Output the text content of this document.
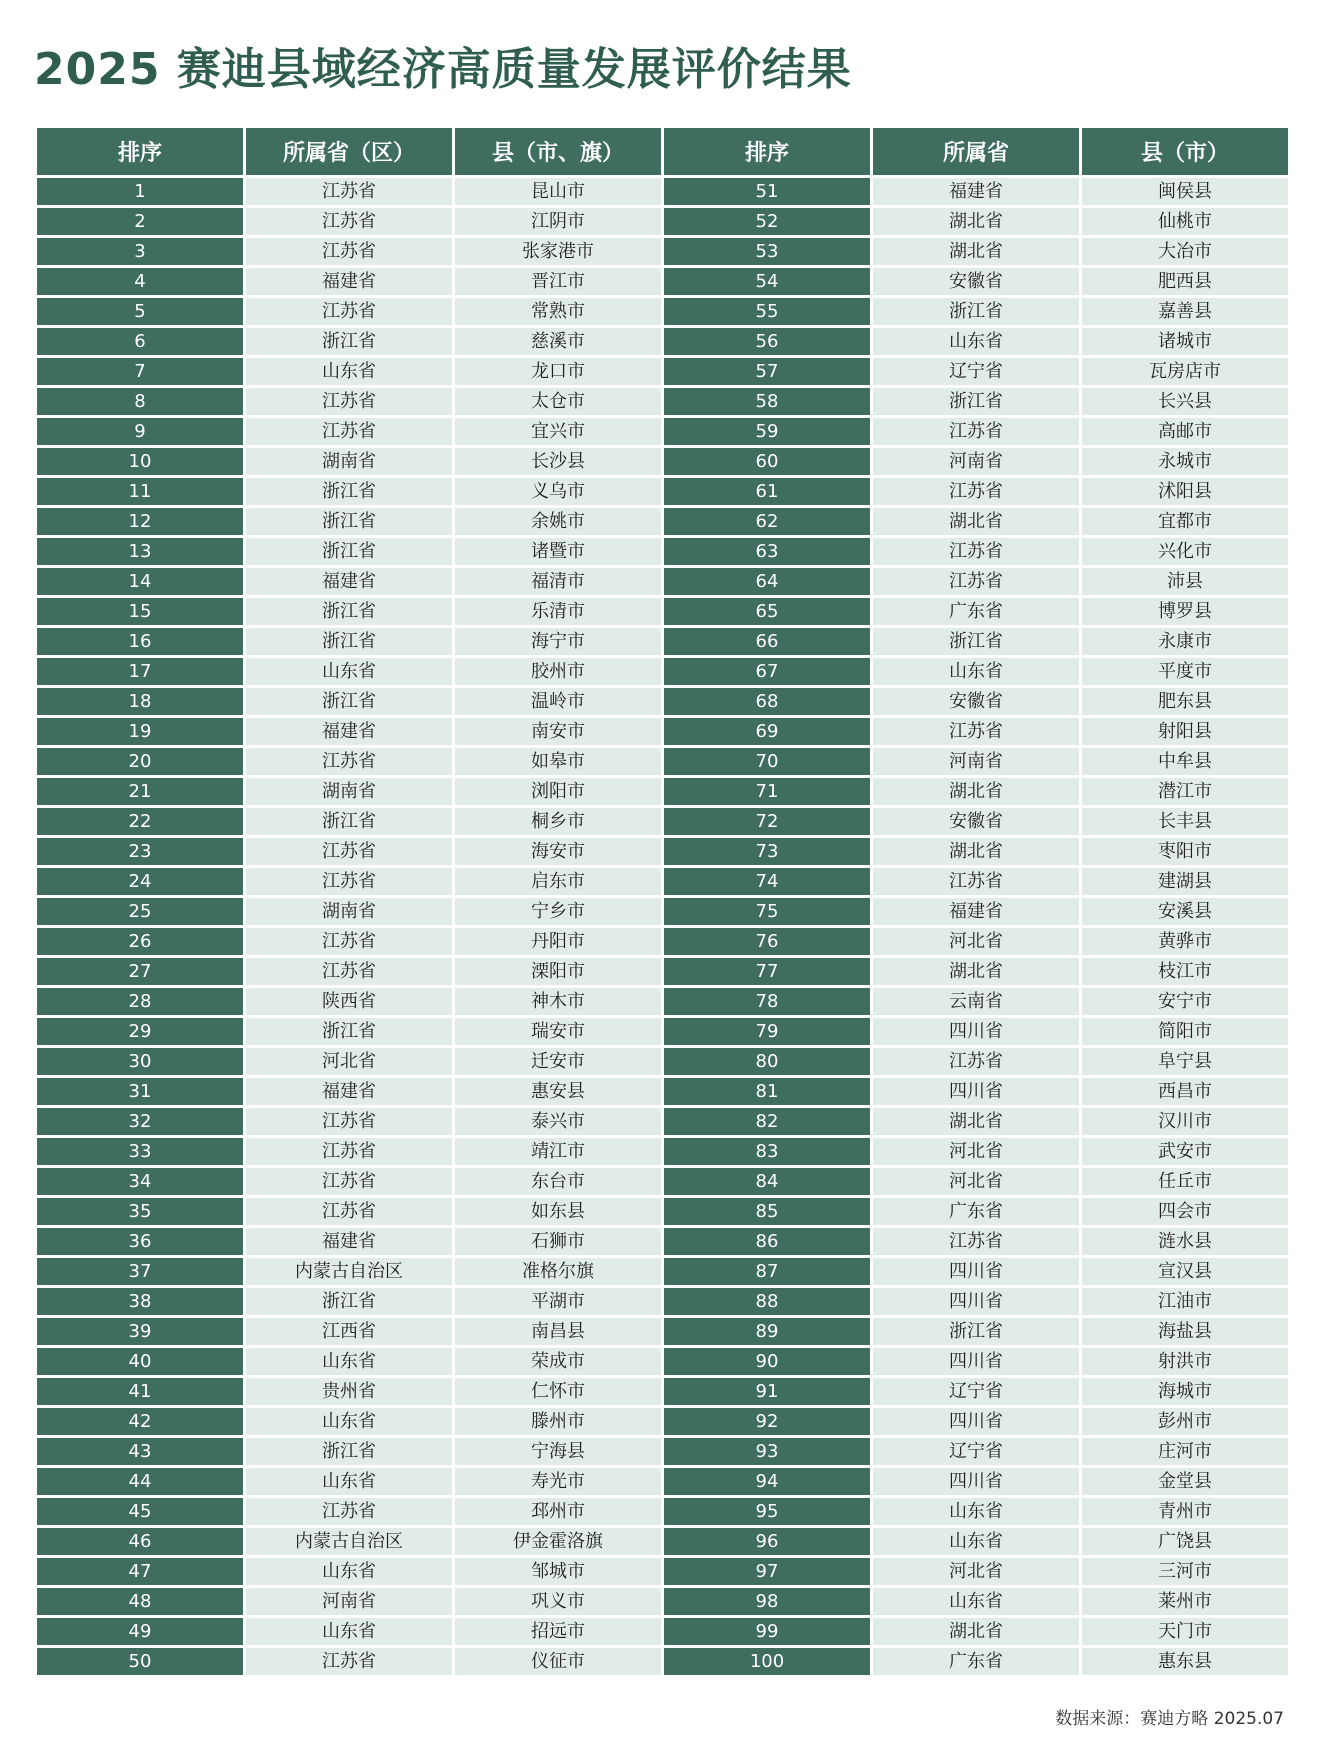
2025 赛迪县域经济高质量发展评价结果
排序	所属省（区）	县（市、旗）	排序	所属省	县（市）
1	江苏省	昆山市	51	福建省	闽侯县
2	江苏省	江阴市	52	湖北省	仙桃市
3	江苏省	张家港市	53	湖北省	大冶市
4	福建省	晋江市	54	安徽省	肥西县
5	江苏省	常熟市	55	浙江省	嘉善县
6	浙江省	慈溪市	56	山东省	诸城市
7	山东省	龙口市	57	辽宁省	瓦房店市
8	江苏省	太仓市	58	浙江省	长兴县
9	江苏省	宜兴市	59	江苏省	高邮市
10	湖南省	长沙县	60	河南省	永城市
11	浙江省	义乌市	61	江苏省	沭阳县
12	浙江省	余姚市	62	湖北省	宜都市
13	浙江省	诸暨市	63	江苏省	兴化市
14	福建省	福清市	64	江苏省	沛县
15	浙江省	乐清市	65	广东省	博罗县
16	浙江省	海宁市	66	浙江省	永康市
17	山东省	胶州市	67	山东省	平度市
18	浙江省	温岭市	68	安徽省	肥东县
19	福建省	南安市	69	江苏省	射阳县
20	江苏省	如皋市	70	河南省	中牟县
21	湖南省	浏阳市	71	湖北省	潜江市
22	浙江省	桐乡市	72	安徽省	长丰县
23	江苏省	海安市	73	湖北省	枣阳市
24	江苏省	启东市	74	江苏省	建湖县
25	湖南省	宁乡市	75	福建省	安溪县
26	江苏省	丹阳市	76	河北省	黄骅市
27	江苏省	溧阳市	77	湖北省	枝江市
28	陕西省	神木市	78	云南省	安宁市
29	浙江省	瑞安市	79	四川省	简阳市
30	河北省	迁安市	80	江苏省	阜宁县
31	福建省	惠安县	81	四川省	西昌市
32	江苏省	泰兴市	82	湖北省	汉川市
33	江苏省	靖江市	83	河北省	武安市
34	江苏省	东台市	84	河北省	任丘市
35	江苏省	如东县	85	广东省	四会市
36	福建省	石狮市	86	江苏省	涟水县
37	内蒙古自治区	准格尔旗	87	四川省	宣汉县
38	浙江省	平湖市	88	四川省	江油市
39	江西省	南昌县	89	浙江省	海盐县
40	山东省	荣成市	90	四川省	射洪市
41	贵州省	仁怀市	91	辽宁省	海城市
42	山东省	滕州市	92	四川省	彭州市
43	浙江省	宁海县	93	辽宁省	庄河市
44	山东省	寿光市	94	四川省	金堂县
45	江苏省	邳州市	95	山东省	青州市
46	内蒙古自治区	伊金霍洛旗	96	山东省	广饶县
47	山东省	邹城市	97	河北省	三河市
48	河南省	巩义市	98	山东省	莱州市
49	山东省	招远市	99	湖北省	天门市
50	江苏省	仪征市	100	广东省	惠东县
数据来源：赛迪方略 2025.07
